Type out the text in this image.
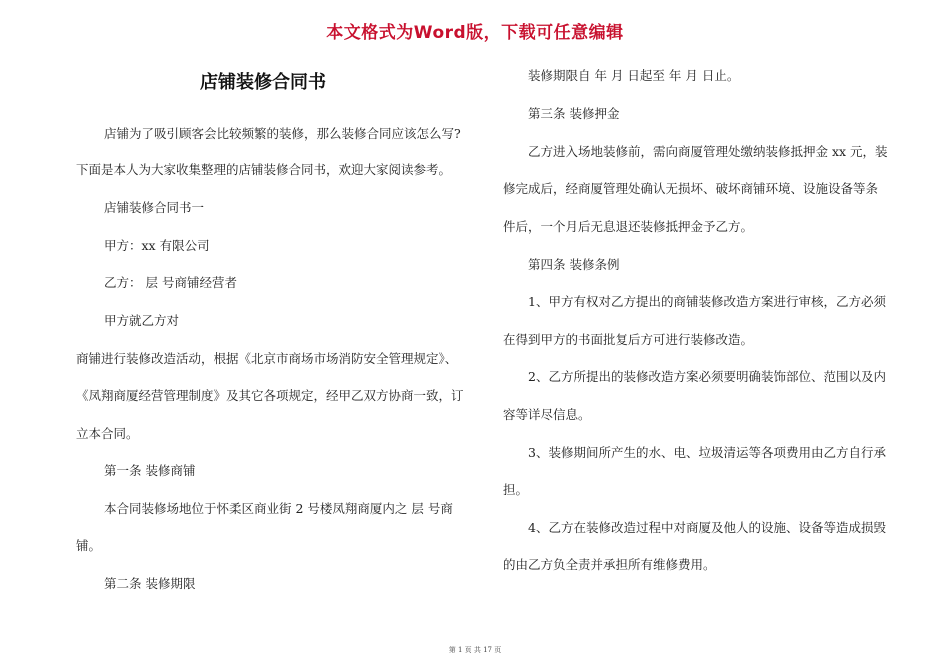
本文格式为Word版，下载可任意编辑
店铺装修合同书
店铺为了吸引顾客会比较频繁的装修，那么装修合同应该怎么写?
下面是本人为大家收集整理的店铺装修合同书，欢迎大家阅读参考。
店铺装修合同书一
甲方：xx 有限公司
乙方： 层 号商铺经营者
甲方就乙方对
商铺进行装修改造活动，根据《北京市商场市场消防安全管理规定》、
《凤翔商厦经营管理制度》及其它各项规定，经甲乙双方协商一致，订
立本合同。
第一条 装修商铺
本合同装修场地位于怀柔区商业街 2 号楼凤翔商厦内之 层 号商
铺。
第二条 装修期限
装修期限自 年 月 日起至 年 月 日止。
第三条 装修押金
乙方进入场地装修前，需向商厦管理处缴纳装修抵押金 xx 元，装
修完成后，经商厦管理处确认无损坏、破坏商铺环境、设施设备等条
件后，一个月后无息退还装修抵押金予乙方。
第四条 装修条例
1、甲方有权对乙方提出的商铺装修改造方案进行审核，乙方必须
在得到甲方的书面批复后方可进行装修改造。
2、乙方所提出的装修改造方案必须要明确装饰部位、范围以及内
容等详尽信息。
3、装修期间所产生的水、电、垃圾清运等各项费用由乙方自行承
担。
4、乙方在装修改造过程中对商厦及他人的设施、设备等造成损毁
的由乙方负全责并承担所有维修费用。
第 1 页 共 17 页
